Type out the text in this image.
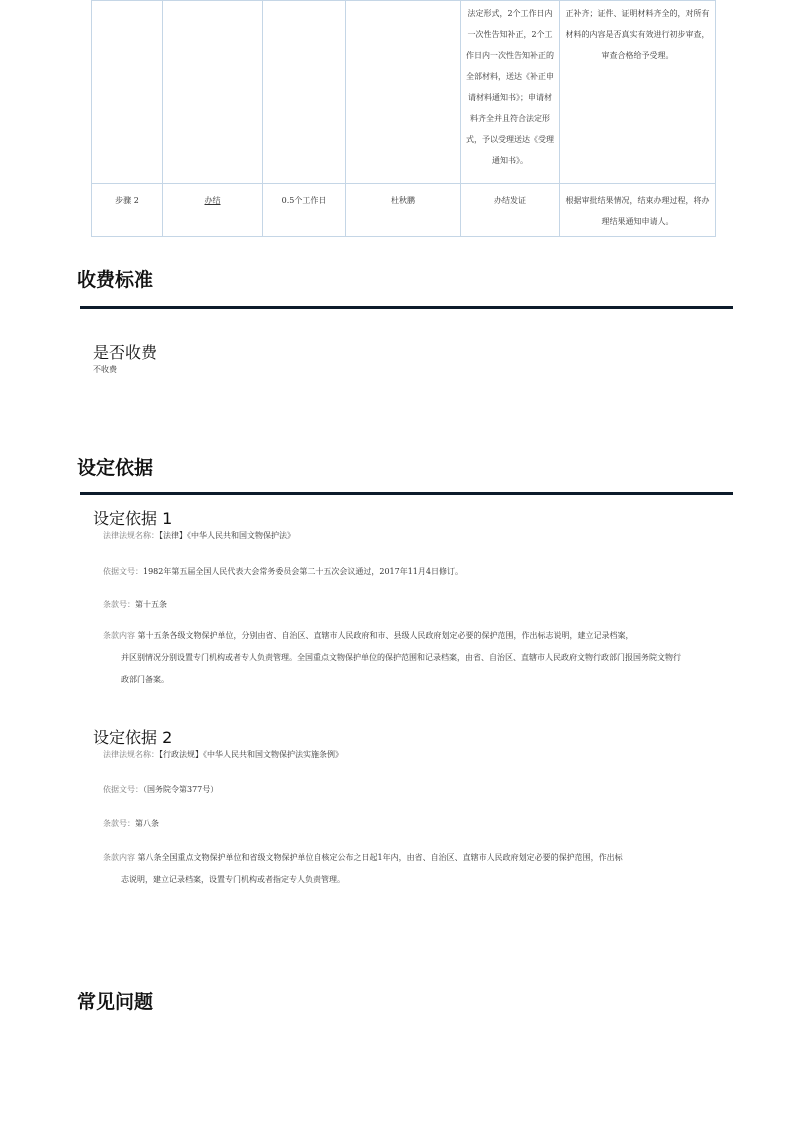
				法定形式，2个工作日内一次性告知补正，2个工作日内一次性告知补正的全部材料，送达《补正申请材料通知书》；申请材料齐全并且符合法定形式，予以受理送达《受理通知书》。	正补齐；证件、证明材料齐全的，对所有材料的内容是否真实有效进行初步审查，审查合格给予受理。
步骤 2	办结	0.5个工作日	杜秋鹏	办结发证	根据审批结果情况，结束办理过程，将办理结果通知申请人。
收费标准
是否收费

不收费

设定依据
设定依据 1

法律法规名称：【法律】《中华人民共和国文物保护法》

依据文号：1982年第五届全国人民代表大会常务委员会第二十五次会议通过，2017年11月4日修订。

条款号：第十五条

条款内容 第十五条各级文物保护单位，分别由省、自治区、直辖市人民政府和市、县级人民政府划定必要的保护范围，作出标志说明，建立记录档案，
并区别情况分别设置专门机构或者专人负责管理。全国重点文物保护单位的保护范围和记录档案，由省、自治区、直辖市人民政府文物行政部门报国务院文物行政部门备案。

设定依据 2

法律法规名称：【行政法规】《中华人民共和国文物保护法实施条例》

依据文号：（国务院令第377号）

条款号：第八条

条款内容 第八条全国重点文物保护单位和省级文物保护单位自核定公布之日起1年内，由省、自治区、直辖市人民政府划定必要的保护范围，作出标
志说明，建立记录档案，设置专门机构或者指定专人负责管理。

常见问题
